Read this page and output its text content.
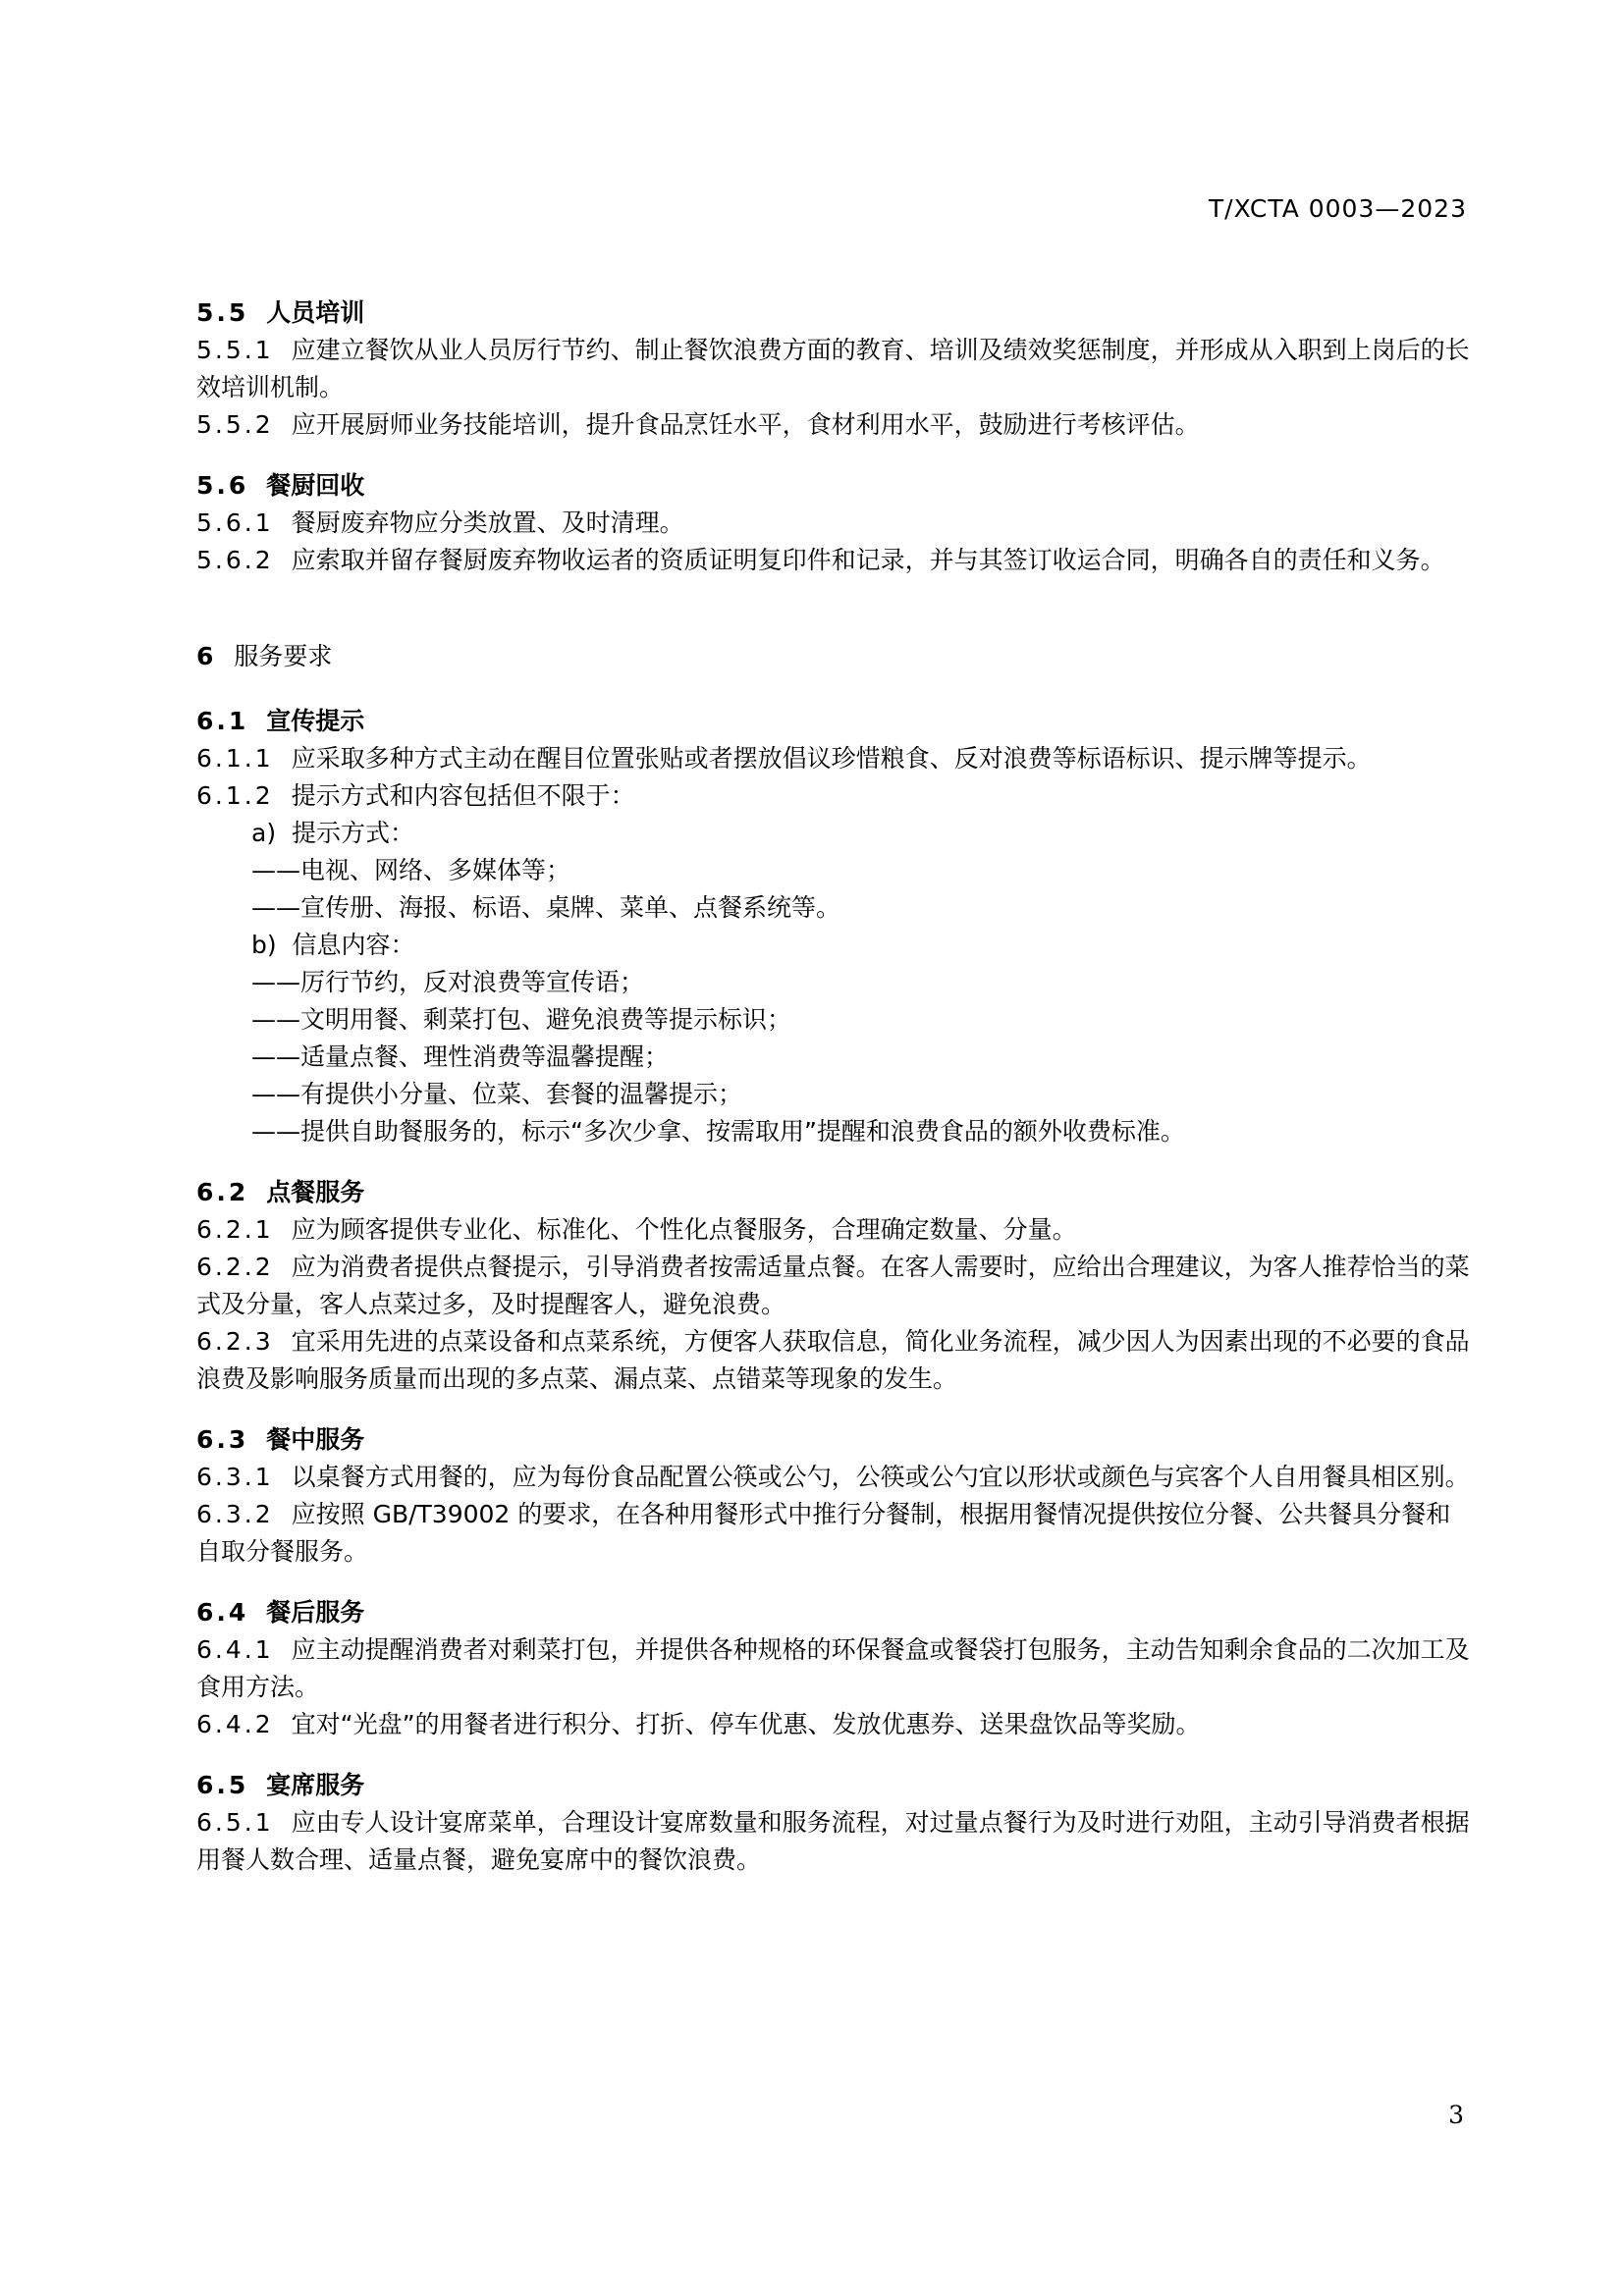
T/XCTA 0003—2023
5.5 人员培训
5.5.1 应建立餐饮从业人员厉行节约、制止餐饮浪费方面的教育、培训及绩效奖惩制度，并形成从入职到上岗后的长效培训机制。
5.5.2 应开展厨师业务技能培训，提升食品烹饪水平，食材利用水平，鼓励进行考核评估。
5.6 餐厨回收
5.6.1 餐厨废弃物应分类放置、及时清理。
5.6.2 应索取并留存餐厨废弃物收运者的资质证明复印件和记录，并与其签订收运合同，明确各自的责任和义务。
6 服务要求
6.1 宣传提示
6.1.1 应采取多种方式主动在醒目位置张贴或者摆放倡议珍惜粮食、反对浪费等标语标识、提示牌等提示。
6.1.2 提示方式和内容包括但不限于：
a) 提示方式：
——电视、网络、多媒体等；
——宣传册、海报、标语、桌牌、菜单、点餐系统等。
b) 信息内容：
——厉行节约，反对浪费等宣传语；
——文明用餐、剩菜打包、避免浪费等提示标识；
——适量点餐、理性消费等温馨提醒；
——有提供小分量、位菜、套餐的温馨提示；
——提供自助餐服务的，标示“多次少拿、按需取用”提醒和浪费食品的额外收费标准。
6.2 点餐服务
6.2.1 应为顾客提供专业化、标准化、个性化点餐服务，合理确定数量、分量。
6.2.2 应为消费者提供点餐提示，引导消费者按需适量点餐。在客人需要时，应给出合理建议，为客人推荐恰当的菜式及分量，客人点菜过多，及时提醒客人，避免浪费。
6.2.3 宜采用先进的点菜设备和点菜系统，方便客人获取信息，简化业务流程，减少因人为因素出现的不必要的食品浪费及影响服务质量而出现的多点菜、漏点菜、点错菜等现象的发生。
6.3 餐中服务
6.3.1 以桌餐方式用餐的，应为每份食品配置公筷或公勺，公筷或公勺宜以形状或颜色与宾客个人自用餐具相区别。
6.3.2 应按照 GB/T39002 的要求，在各种用餐形式中推行分餐制，根据用餐情况提供按位分餐、公共餐具分餐和自取分餐服务。
6.4 餐后服务
6.4.1 应主动提醒消费者对剩菜打包，并提供各种规格的环保餐盒或餐袋打包服务，主动告知剩余食品的二次加工及食用方法。
6.4.2 宜对“光盘”的用餐者进行积分、打折、停车优惠、发放优惠券、送果盘饮品等奖励。
6.5 宴席服务
6.5.1 应由专人设计宴席菜单，合理设计宴席数量和服务流程，对过量点餐行为及时进行劝阻，主动引导消费者根据用餐人数合理、适量点餐，避免宴席中的餐饮浪费。
3
